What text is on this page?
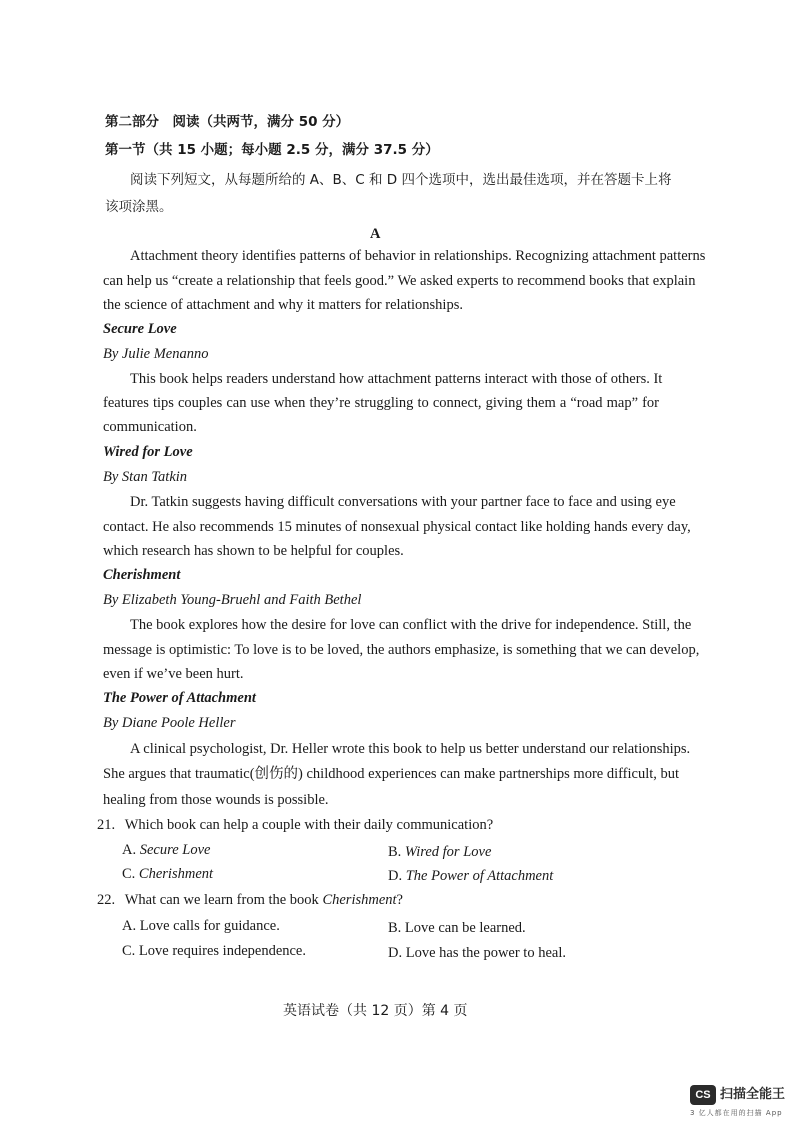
第二部分　阅读（共两节，满分 50 分）
第一节（共 15 小题；每小题 2.5 分，满分 37.5 分）
阅读下列短文，从每题所给的 A、B、C 和 D 四个选项中，选出最佳选项，并在答题卡上将
该项涂黑。
A
Attachment theory identifies patterns of behavior in relationships. Recognizing attachment patterns
can help us “create a relationship that feels good.” We asked experts to recommend books that explain
the science of attachment and why it matters for relationships.
Secure Love
By Julie Menanno
This book helps readers understand how attachment patterns interact with those of others. It
features tips couples can use when they’re struggling to connect, giving them a “road map” for
communication.
Wired for Love
By Stan Tatkin
Dr. Tatkin suggests having difficult conversations with your partner face to face and using eye
contact. He also recommends 15 minutes of nonsexual physical contact like holding hands every day,
which research has shown to be helpful for couples.
Cherishment
By Elizabeth Young-Bruehl and Faith Bethel
The book explores how the desire for love can conflict with the drive for independence. Still, the
message is optimistic: To love is to be loved, the authors emphasize, is something that we can develop,
even if we’ve been hurt.
The Power of Attachment
By Diane Poole Heller
A clinical psychologist, Dr. Heller wrote this book to help us better understand our relationships.
She argues that traumatic(创伤的) childhood experiences can make partnerships more difficult, but
healing from those wounds is possible.
21. Which book can help a couple with their daily communication?
A. Secure Love	B. Wired for Love
C. Cherishment	D. The Power of Attachment
22. What can we learn from the book Cherishment?
A. Love calls for guidance.	B. Love can be learned.
C. Love requires independence.	D. Love has the power to heal.
英语试卷（共 12 页）第 4 页
CS 扫描全能王
3 亿人都在用的扫描 App
